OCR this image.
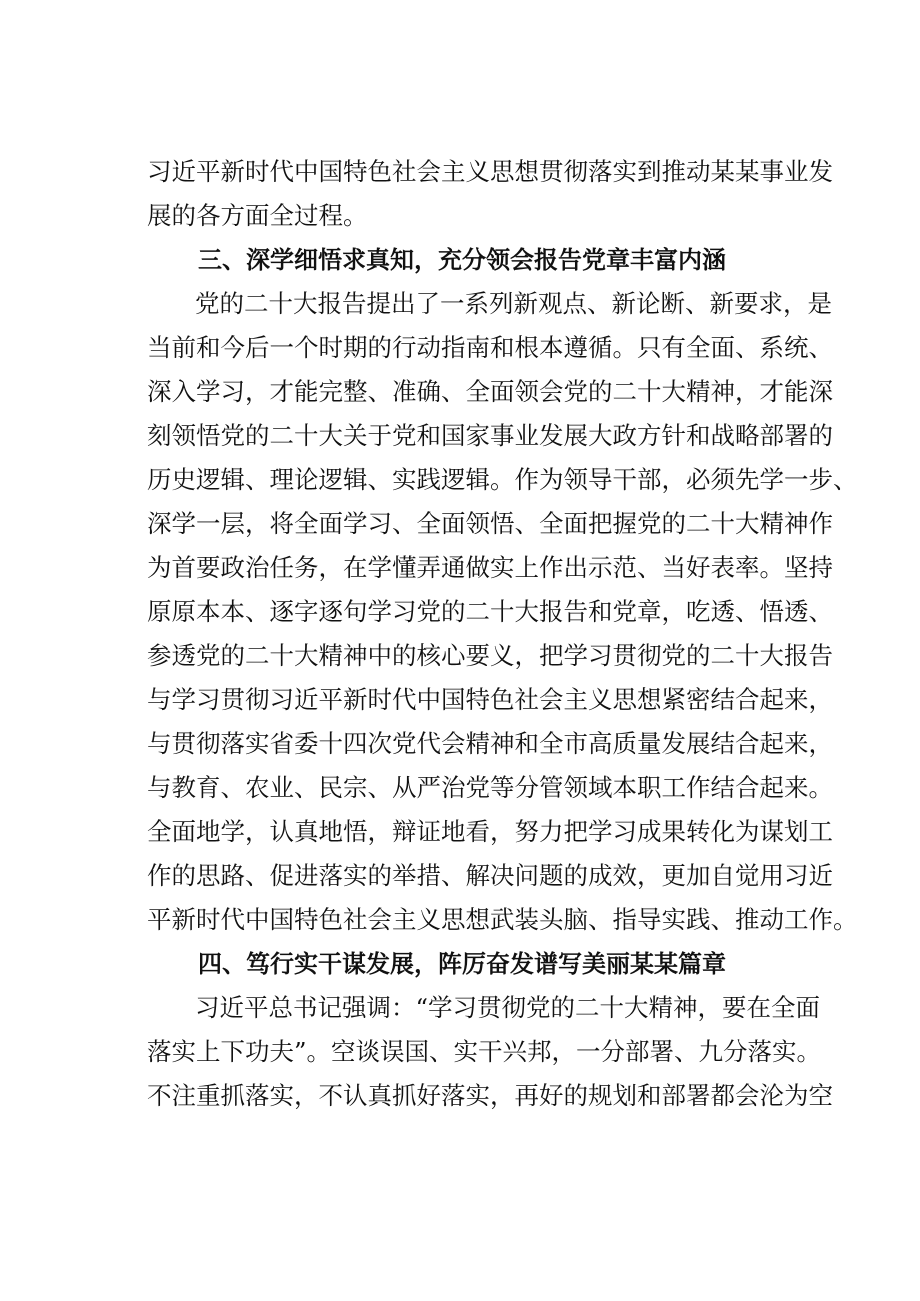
习近平新时代中国特色社会主义思想贯彻落实到推动某某事业发
展的各方面全过程。
三、深学细悟求真知，充分领会报告党章丰富内涵
党的二十大报告提出了一系列新观点、新论断、新要求，是
当前和今后一个时期的行动指南和根本遵循。只有全面、系统、
深入学习，才能完整、准确、全面领会党的二十大精神，才能深
刻领悟党的二十大关于党和国家事业发展大政方针和战略部署的
历史逻辑、理论逻辑、实践逻辑。作为领导干部，必须先学一步、
深学一层，将全面学习、全面领悟、全面把握党的二十大精神作
为首要政治任务，在学懂弄通做实上作出示范、当好表率。坚持
原原本本、逐字逐句学习党的二十大报告和党章，吃透、悟透、
参透党的二十大精神中的核心要义，把学习贯彻党的二十大报告
与学习贯彻习近平新时代中国特色社会主义思想紧密结合起来，
与贯彻落实省委十四次党代会精神和全市高质量发展结合起来，
与教育、农业、民宗、从严治党等分管领域本职工作结合起来。
全面地学，认真地悟，辩证地看，努力把学习成果转化为谋划工
作的思路、促进落实的举措、解决问题的成效，更加自觉用习近
平新时代中国特色社会主义思想武装头脑、指导实践、推动工作。
四、笃行实干谋发展，阵厉奋发谱写美丽某某篇章
习近平总书记强调：“学习贯彻党的二十大精神，要在全面
落实上下功夫”。空谈误国、实干兴邦，一分部署、九分落实。
不注重抓落实，不认真抓好落实，再好的规划和部署都会沦为空
